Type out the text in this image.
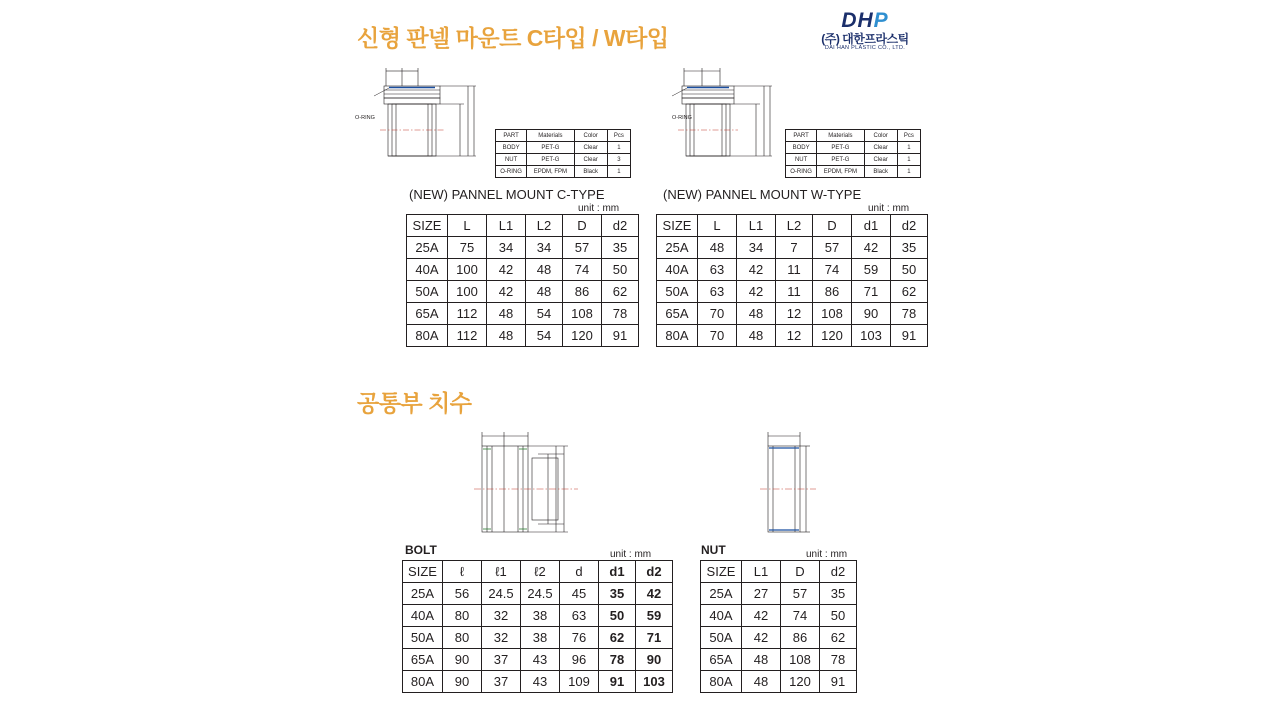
신형 판넬 마운트 C타입 / W타입
DHP
(주) 대한프라스틱
DAI HAN PLASTIC CO., LTD.
O-RING
PART	Materials	Color	Pcs
BODY	PET-G	Clear	1
NUT	PET-G	Clear	3
O-RING	EPDM, FPM	Black	1
O-RING
PART	Materials	Color	Pcs
BODY	PET-G	Clear	1
NUT	PET-G	Clear	1
O-RING	EPDM, FPM	Black	1
(NEW) PANNEL MOUNT C-TYPE	(NEW) PANNEL MOUNT W-TYPE
unit : mm	unit : mm
SIZE	L	L1	L2	D	d2
25A	75	34	34	57	35
40A	100	42	48	74	50
50A	100	42	48	86	62
65A	112	48	54	108	78
80A	112	48	54	120	91
SIZE	L	L1	L2	D	d1	d2
25A	48	34	7	57	42	35
40A	63	42	11	74	59	50
50A	63	42	11	86	71	62
65A	70	48	12	108	90	78
80A	70	48	12	120	103	91
공통부 치수
BOLT	NUT
unit : mm	unit : mm
SIZE	ℓ	ℓ1	ℓ2	d	d1	d2
25A	56	24.5	24.5	45	35	42
40A	80	32	38	63	50	59
50A	80	32	38	76	62	71
65A	90	37	43	96	78	90
80A	90	37	43	109	91	103
SIZE	L1	D	d2
25A	27	57	35
40A	42	74	50
50A	42	86	62
65A	48	108	78
80A	48	120	91
